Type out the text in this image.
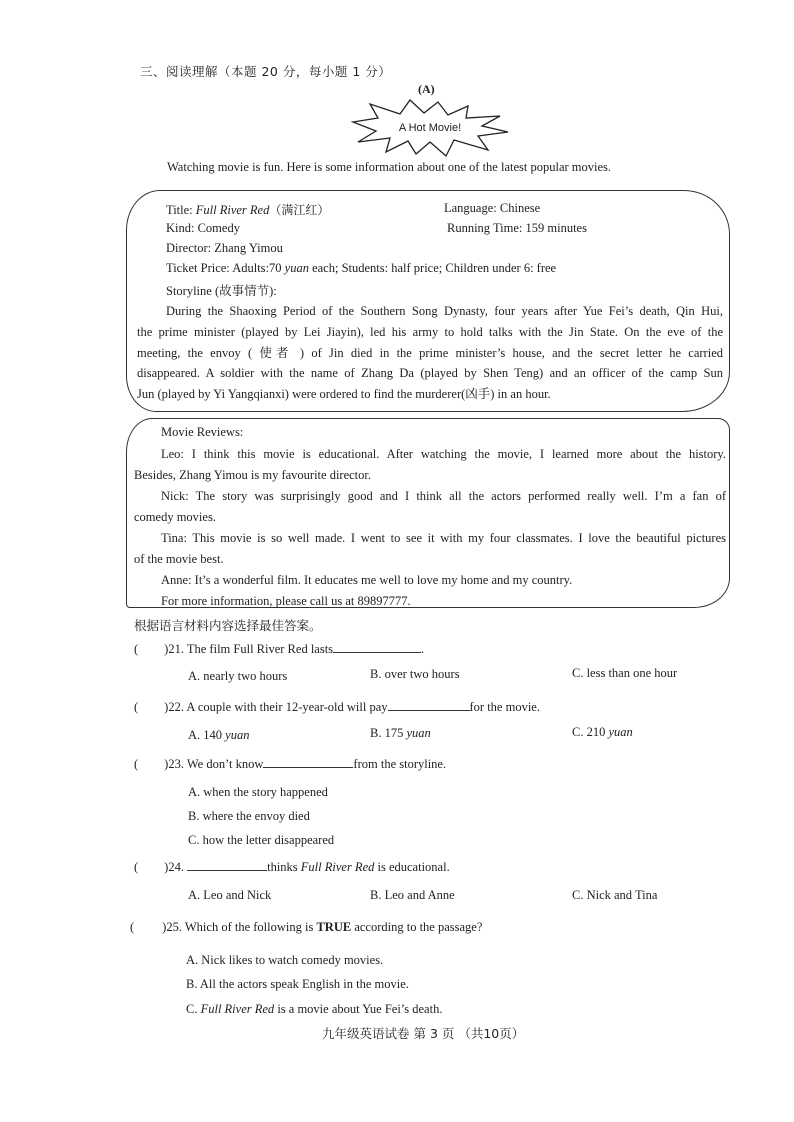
三、阅读理解（本题 20 分，每小题 1 分）
(A)
A Hot Movie!
Watching movie is fun. Here is some information about one of the latest popular movies.
Title: Full River Red（满江红）	Language: Chinese
Kind: Comedy	Running Time: 159 minutes
Director: Zhang Yimou
Ticket Price: Adults:70 yuan each; Students: half price; Children under 6: free
Storyline (故事情节):

During the Shaoxing Period of the Southern Song Dynasty, four years after Yue Fei’s death, Qin Hui,

the prime minister (played by Lei Jiayin), led his army to hold talks with the Jin State. On the eve of the

meeting, the envoy ( 使者 ) of Jin died in the prime minister’s house, and the secret letter he carried

disappeared. A soldier with the name of Zhang Da (played by Shen Teng) and an officer of the camp Sun

Jun (played by Yi Yangqianxi) were ordered to find the murderer(凶手) in an hour.

Movie Reviews:

Leo: I think this movie is educational. After watching the movie, I learned more about the history.

Besides, Zhang Yimou is my favourite director.

Nick: The story was surprisingly good and I think all the actors performed really well. I’m a fan of

comedy movies.

Tina: This movie is so well made. I went to see it with my four classmates. I love the beautiful pictures

of the movie best.

Anne: It’s a wonderful film. It educates me well to love my home and my country.

For more information, please call us at 89897777.

根据语言材料内容选择最佳答案。
( )21. The film Full River Red lasts	.
A. nearly two hours	B. over two hours	C. less than one hour
( )22. A couple with their 12-year-old will pay	for the movie.
A. 140 yuan	B. 175 yuan	C. 210 yuan
( )23. We don’t know	from the storyline.
A. when the story happened
B. where the envoy died
C. how the letter disappeared
( )24.	thinks Full River Red is educational.
A. Leo and Nick	B. Leo and Anne	C. Nick and Tina
( )25. Which of the following is TRUE according to the passage?
A. Nick likes to watch comedy movies.
B. All the actors speak English in the movie.
C. Full River Red is a movie about Yue Fei’s death.
九年级英语试卷 第 3 页 （共10页）
